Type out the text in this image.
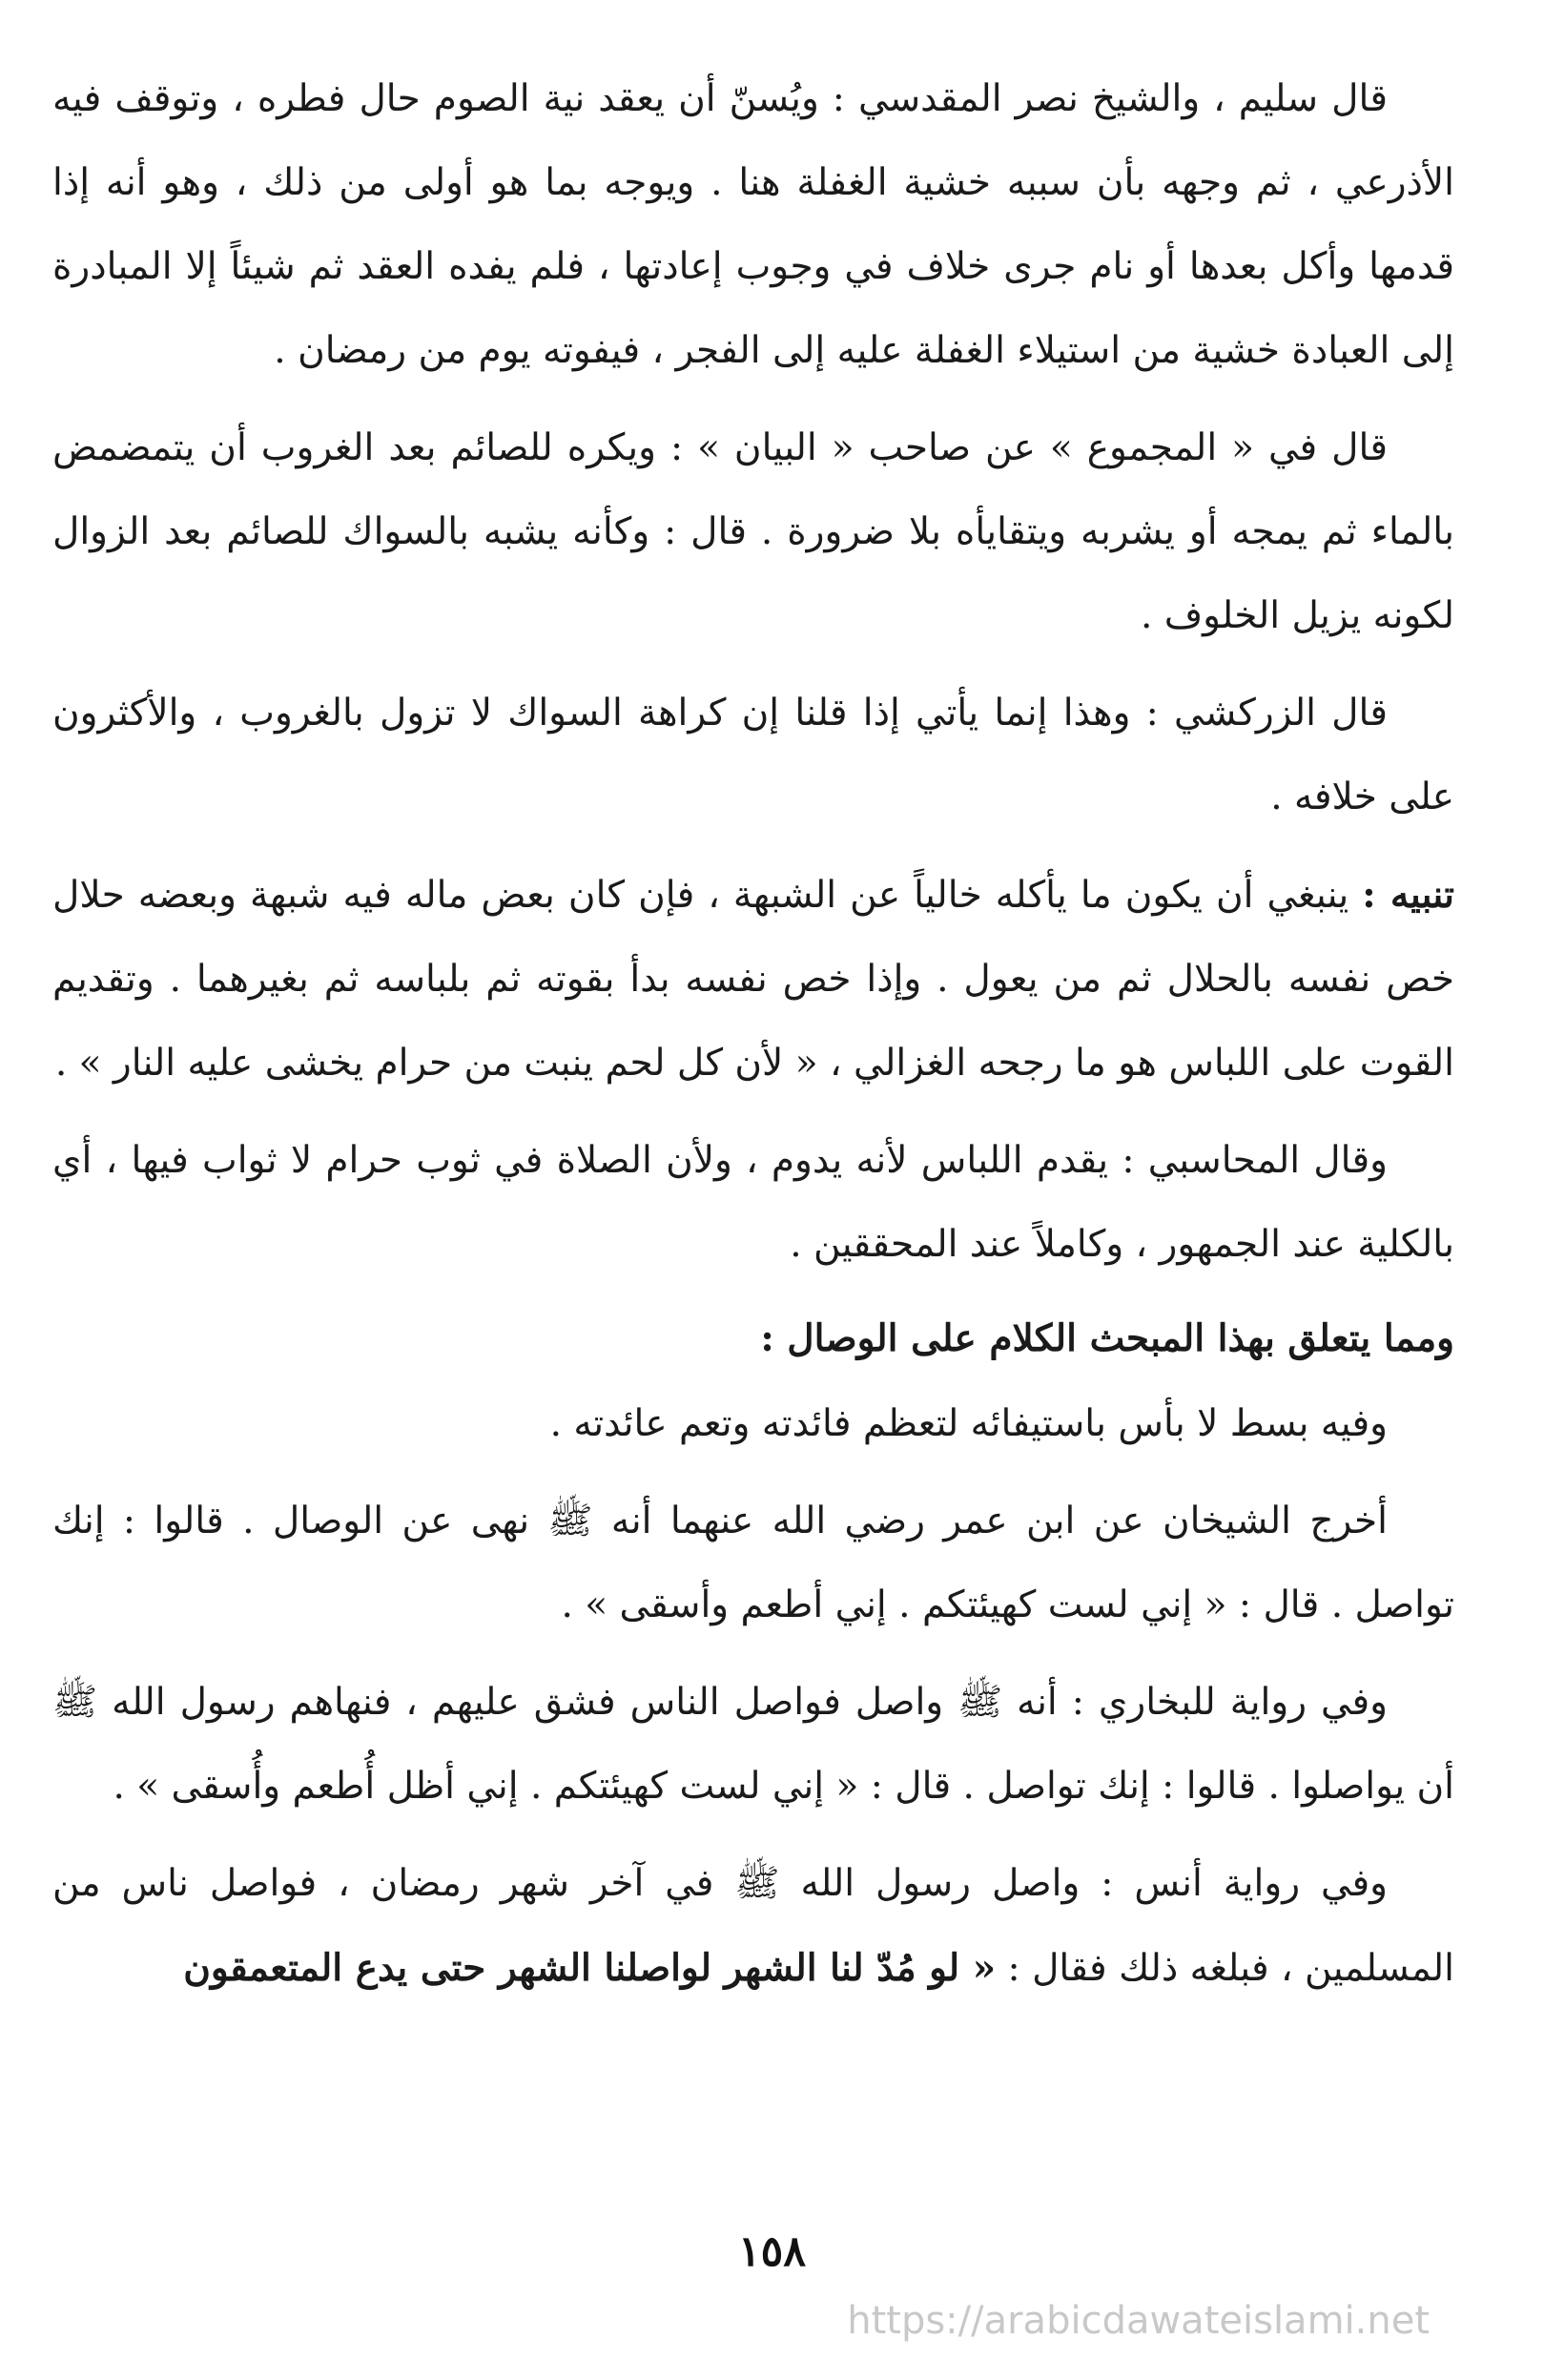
قال سليم ، والشيخ نصر المقدسي : ويُسنّ أن يعقد نية الصوم حال فطره ، وتوقف فيه الأذرعي ، ثم وجهه بأن سببه خشية الغفلة هنا . ويوجه بما هو أولى من ذلك ، وهو أنه إذا قدمها وأكل بعدها أو نام جرى خلاف في وجوب إعادتها ، فلم يفده العقد ثم شيئاً إلا المبادرة إلى العبادة خشية من استيلاء الغفلة عليه إلى الفجر ، فيفوته يوم من رمضان .

قال في « المجموع » عن صاحب « البيان » : ويكره للصائم بعد الغروب أن يتمضمض بالماء ثم يمجه أو يشربه ويتقايأه بلا ضرورة . قال : وكأنه يشبه بالسواك للصائم بعد الزوال لكونه يزيل الخلوف .

قال الزركشي : وهذا إنما يأتي إذا قلنا إن كراهة السواك لا تزول بالغروب ، والأكثرون على خلافه .

تنبيه : ينبغي أن يكون ما يأكله خالياً عن الشبهة ، فإن كان بعض ماله فيه شبهة وبعضه حلال خص نفسه بالحلال ثم من يعول . وإذا خص نفسه بدأ بقوته ثم بلباسه ثم بغيرهما . وتقديم القوت على اللباس هو ما رجحه الغزالي ، « لأن كل لحم ينبت من حرام يخشى عليه النار » .

وقال المحاسبي : يقدم اللباس لأنه يدوم ، ولأن الصلاة في ثوب حرام لا ثواب فيها ، أي بالكلية عند الجمهور ، وكاملاً عند المحققين .

ومما يتعلق بهذا المبحث الكلام على الوصال :

وفيه بسط لا بأس باستيفائه لتعظم فائدته وتعم عائدته .

أخرج الشيخان عن ابن عمر رضي الله عنهما أنه ﷺ نهى عن الوصال . قالوا : إنك تواصل . قال : « إني لست كهيئتكم . إني أطعم وأسقى » .

وفي رواية للبخاري : أنه ﷺ واصل فواصل الناس فشق عليهم ، فنهاهم رسول الله ﷺ أن يواصلوا . قالوا : إنك تواصل . قال : « إني لست كهيئتكم . إني أظل أُطعم وأُسقى » .

وفي رواية أنس : واصل رسول الله ﷺ في آخر شهر رمضان ، فواصل ناس من المسلمين ، فبلغه ذلك فقال : « لو مُدّ لنا الشهر لواصلنا الشهر حتى يدع المتعمقون

١٥٨
https://arabicdawateislami.net
